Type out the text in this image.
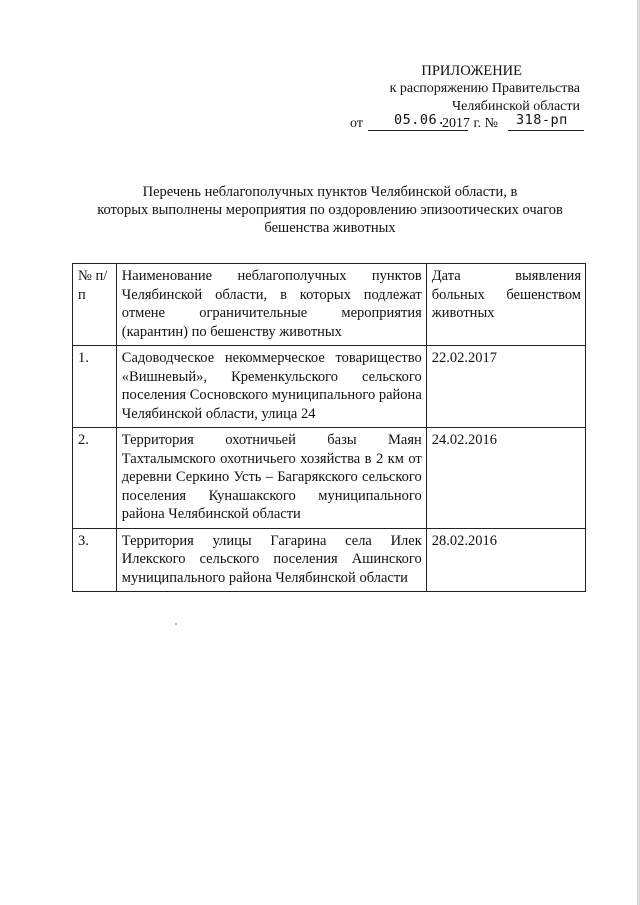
ПРИЛОЖЕНИЕ
к распоряжению Правительства
Челябинской области
от 05.06.
2017 г. № 318-рп
Перечень неблагополучных пунктов Челябинской области, в
которых выполнены мероприятия по оздоровлению эпизоотических очагов
бешенства животных
№ п/п	Наименование неблагополучных пунктов Челябинской области, в которых подлежат отмене ограничительные мероприятия (карантин) по бешенству животных	Дата выявления больных бешенством животных
1.	Садоводческое некоммерческое товарищество «Вишневый», Кременкульского сельского поселения Сосновского муниципального района Челябинской области, улица 24	22.02.2017
2.	Территория охотничьей базы Маян Тахталымского охотничьего хозяйства в 2 км от деревни Серкино Усть – Багарякского сельского поселения Кунашакского муниципального района Челябинской области	24.02.2016
3.	Территория улицы Гагарина села Илек Илекского сельского поселения Ашинского муниципального района Челябинской области	28.02.2016
